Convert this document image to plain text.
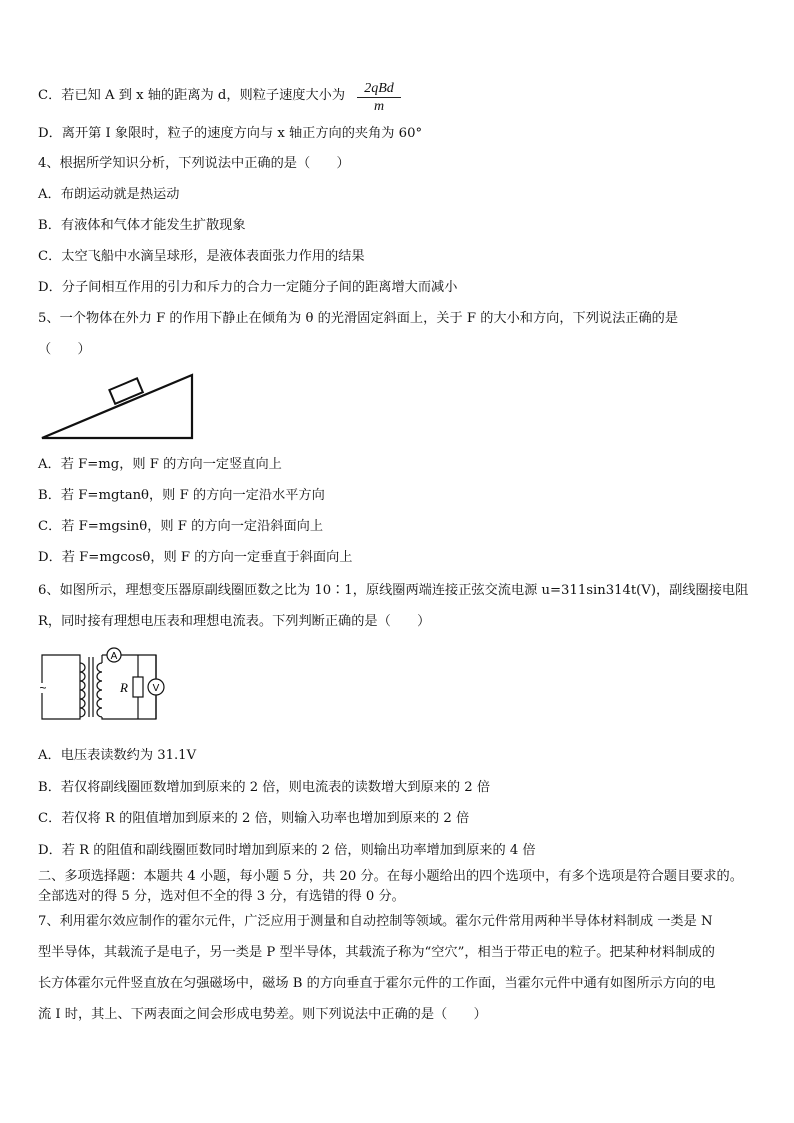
C．若已知 A 到 x 轴的距离为 d，则粒子速度大小为	2qBd
m
D．离开第 I 象限时，粒子的速度方向与 x 轴正方向的夹角为 60°
4、根据所学知识分析，下列说法中正确的是（　　）
A．布朗运动就是热运动
B．有液体和气体才能发生扩散现象
C．太空飞船中水滴呈球形，是液体表面张力作用的结果
D．分子间相互作用的引力和斥力的合力一定随分子间的距离增大而减小
5、一个物体在外力 F 的作用下静止在倾角为 θ 的光滑固定斜面上，关于 F 的大小和方向，下列说法正确的是
（　　）
A．若 F=mg，则 F 的方向一定竖直向上
B．若 F=mgtanθ，则 F 的方向一定沿水平方向
C．若 F=mgsinθ，则 F 的方向一定沿斜面向上
D．若 F=mgcosθ，则 F 的方向一定垂直于斜面向上
6、如图所示，理想变压器原副线圈匝数之比为 10∶1，原线圈两端连接正弦交流电源 u=311sin314t(V)，副线圈接电阻
R，同时接有理想电压表和理想电流表。下列判断正确的是（　　）
A
V
R
~
A．电压表读数约为 31.1V
B．若仅将副线圈匝数增加到原来的 2 倍，则电流表的读数增大到原来的 2 倍
C．若仅将 R 的阻值增加到原来的 2 倍，则输入功率也增加到原来的 2 倍
D．若 R 的阻值和副线圈匝数同时增加到原来的 2 倍，则输出功率增加到原来的 4 倍
二、多项选择题：本题共 4 小题，每小题 5 分，共 20 分。在每小题给出的四个选项中，有多个选项是符合题目要求的。
全部选对的得 5 分，选对但不全的得 3 分，有选错的得 0 分。
7、利用霍尔效应制作的霍尔元件，广泛应用于测量和自动控制等领域。霍尔元件常用两种半导体材料制成 一类是 N
型半导体，其载流子是电子，另一类是 P 型半导体，其载流子称为“空穴”，相当于带正电的粒子。把某种材料制成的
长方体霍尔元件竖直放在匀强磁场中，磁场 B 的方向垂直于霍尔元件的工作面，当霍尔元件中通有如图所示方向的电
流 I 时，其上、下两表面之间会形成电势差。则下列说法中正确的是（　　）
